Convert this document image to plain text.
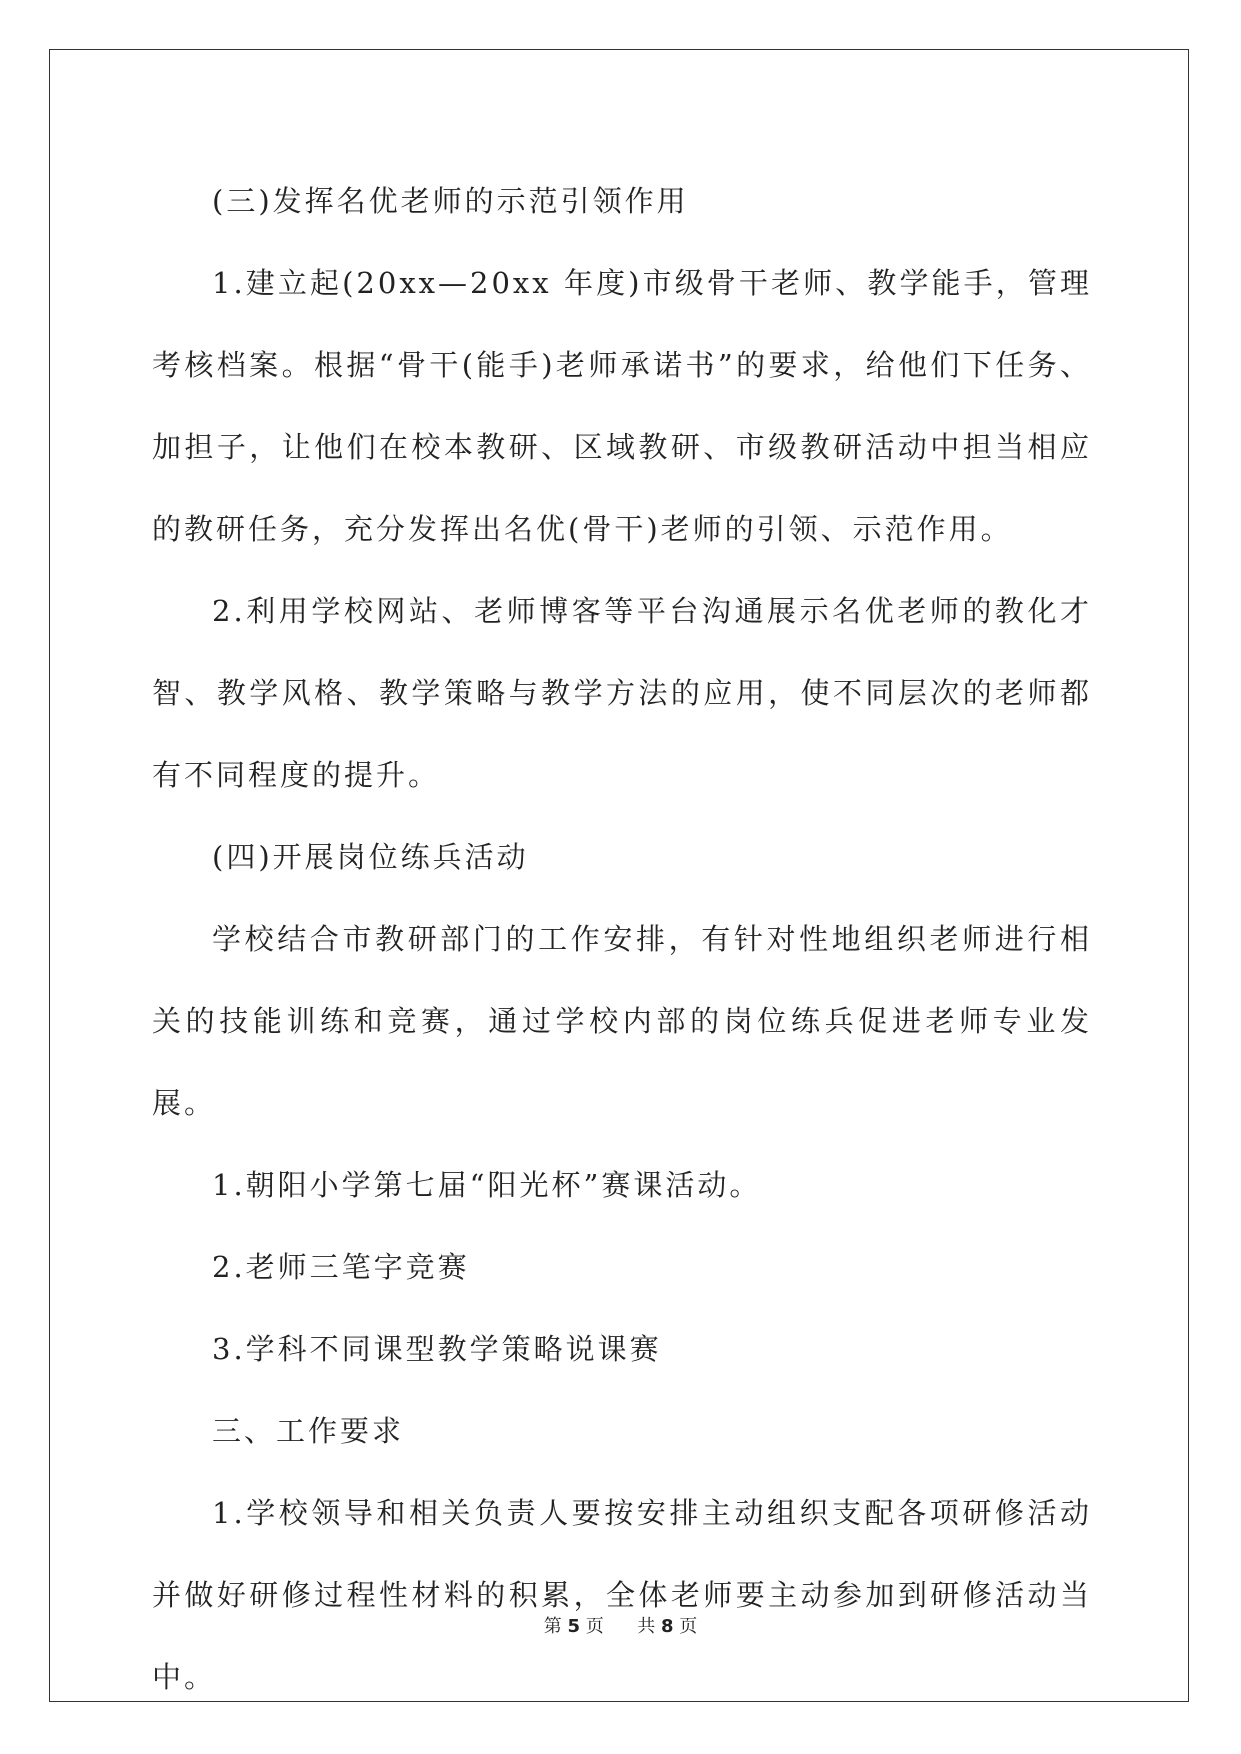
(三)发挥名优老师的示范引领作用

1.建立起(20xx—20xx 年度)市级骨干老师、教学能手，管理考核档案。根据“骨干(能手)老师承诺书”的要求，给他们下任务、加担子，让他们在校本教研、区域教研、市级教研活动中担当相应的教研任务，充分发挥出名优(骨干)老师的引领、示范作用。

2.利用学校网站、老师博客等平台沟通展示名优老师的教化才智、教学风格、教学策略与教学方法的应用，使不同层次的老师都有不同程度的提升。

(四)开展岗位练兵活动

学校结合市教研部门的工作安排，有针对性地组织老师进行相关的技能训练和竞赛，通过学校内部的岗位练兵促进老师专业发展。

1.朝阳小学第七届“阳光杯”赛课活动。

2.老师三笔字竞赛

3.学科不同课型教学策略说课赛

三、工作要求

1.学校领导和相关负责人要按安排主动组织支配各项研修活动并做好研修过程性材料的积累，全体老师要主动参加到研修活动当中。

第 5 页 共 8 页
